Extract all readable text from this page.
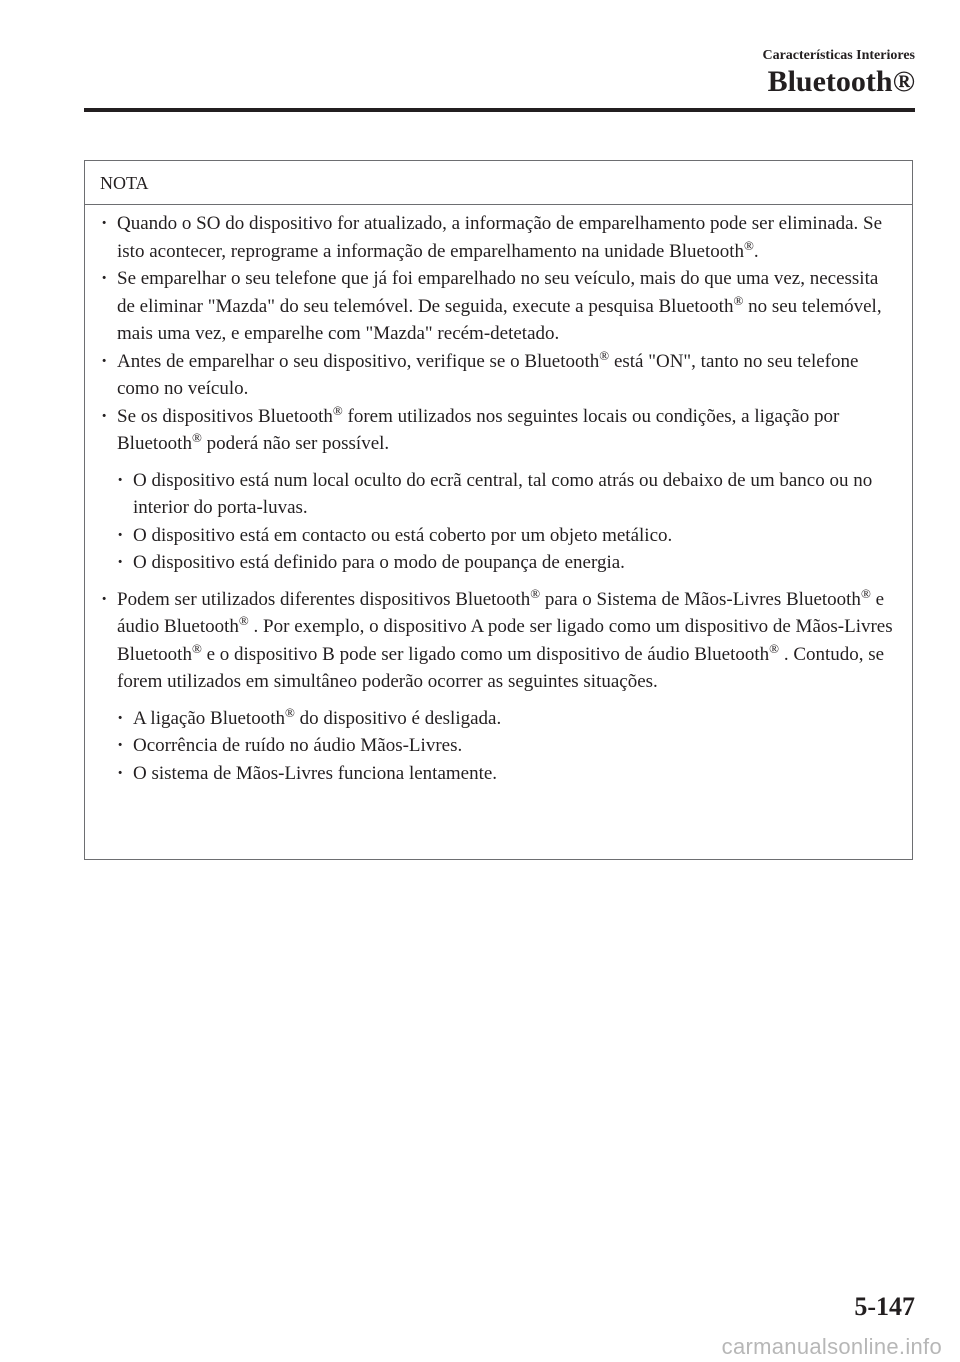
Características Interiores
Bluetooth®
NOTA
· Quando o SO do dispositivo for atualizado, a informação de emparelhamento pode ser eliminada. Se isto acontecer, reprograme a informação de emparelhamento na unidade Bluetooth®.
· Se emparelhar o seu telefone que já foi emparelhado no seu veículo, mais do que uma vez, necessita de eliminar "Mazda" do seu telemóvel. De seguida, execute a pesquisa Bluetooth® no seu telemóvel, mais uma vez, e emparelhe com "Mazda" recém-detetado.
· Antes de emparelhar o seu dispositivo, verifique se o Bluetooth® está "ON", tanto no seu telefone como no veículo.
· Se os dispositivos Bluetooth® forem utilizados nos seguintes locais ou condições, a ligação por Bluetooth® poderá não ser possível.
· O dispositivo está num local oculto do ecrã central, tal como atrás ou debaixo de um banco ou no interior do porta-luvas.
· O dispositivo está em contacto ou está coberto por um objeto metálico.
· O dispositivo está definido para o modo de poupança de energia.
· Podem ser utilizados diferentes dispositivos Bluetooth® para o Sistema de Mãos-Livres Bluetooth® e áudio Bluetooth® . Por exemplo, o dispositivo A pode ser ligado como um dispositivo de Mãos-Livres Bluetooth® e o dispositivo B pode ser ligado como um dispositivo de áudio Bluetooth® . Contudo, se forem utilizados em simultâneo poderão ocorrer as seguintes situações.
· A ligação Bluetooth® do dispositivo é desligada.
· Ocorrência de ruído no áudio Mãos-Livres.
· O sistema de Mãos-Livres funciona lentamente.
5-147
carmanualsonline.info
